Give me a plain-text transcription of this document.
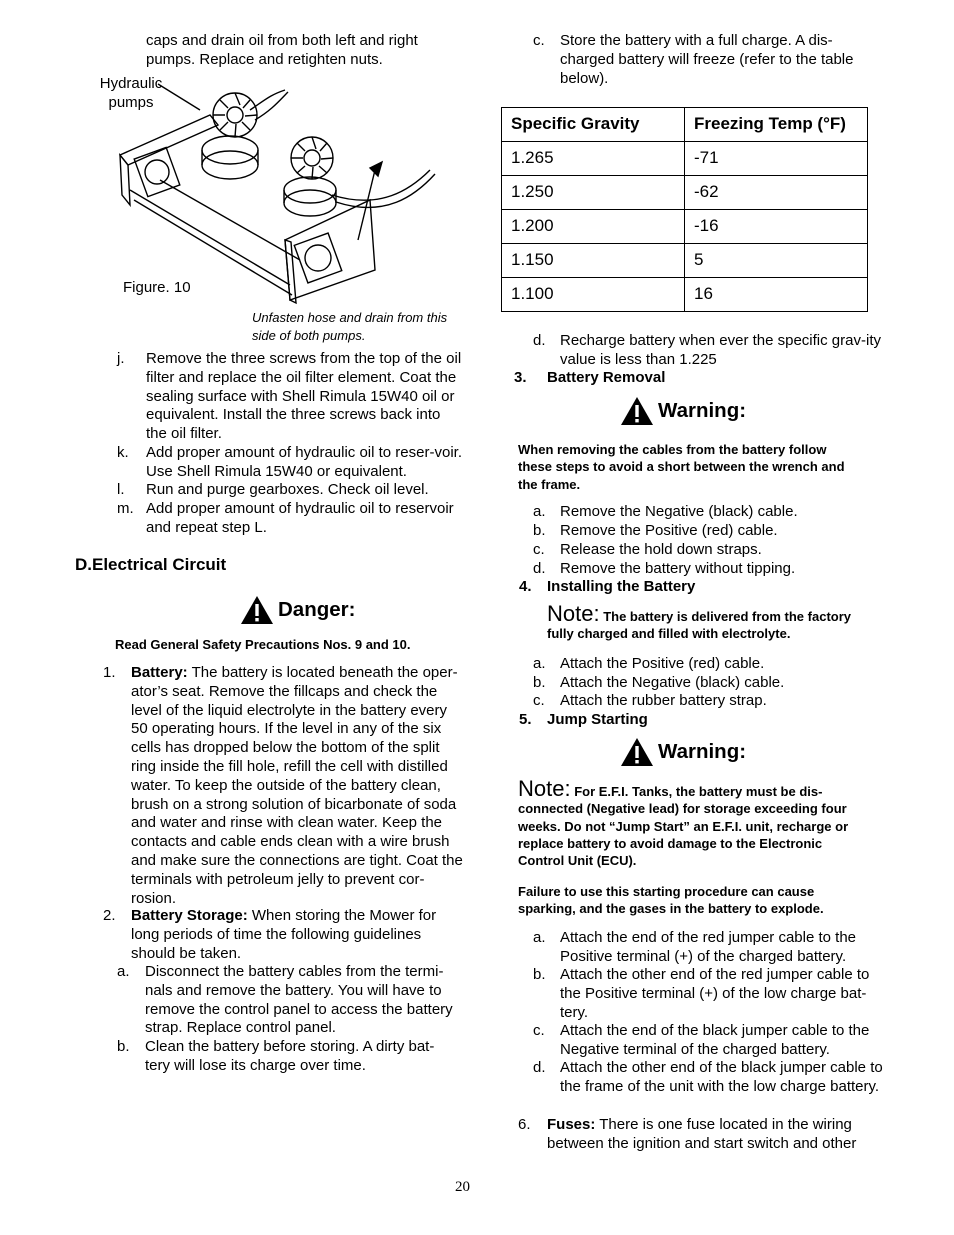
caps and drain oil from both left and right pumps. Replace and retighten nuts.

Hydraulic
pumps

Figure. 10

Unfasten hose and drain from this side of both pumps.

j. Remove the three screws from the top of the oil filter and replace the oil filter element. Coat the sealing surface with Shell Rimula 15W40 oil or equivalent. Install the three screws back into the oil filter.
k. Add proper amount of hydraulic oil to reser-voir. Use Shell Rimula 15W40 or equivalent.
l. Run and purge gearboxes. Check oil level.
m. Add proper amount of hydraulic oil to reservoir and repeat step L.

D.Electrical Circuit

Danger:

Read General Safety Precautions Nos. 9 and 10.

1. Battery: The battery is located beneath the oper-ator’s seat. Remove the fillcaps and check the level of the liquid electrolyte in the battery every 50 operating hours. If the level in any of the six cells has dropped below the bottom of the split ring inside the fill hole, refill the cell with distilled water. To keep the outside of the battery clean, brush on a strong solution of bicarbonate of soda and water and rinse with clean water. Keep the contacts and cable ends clean with a wire brush and make sure the connections are tight. Coat the terminals with petroleum jelly to prevent cor-rosion.
2. Battery Storage: When storing the Mower for long periods of time the following guidelines should be taken.
a. Disconnect the battery cables from the termi-nals and remove the battery. You will have to remove the control panel to access the battery strap. Replace control panel.
b. Clean the battery before storing. A dirty bat-tery will lose its charge over time.
c. Store the battery with a full charge. A dis-charged battery will freeze (refer to the table below).
Specific Gravity	Freezing Temp (°F)
1.265	-71
1.250	-62
1.200	-16
1.150	5
1.100	16
d. Recharge battery when ever the specific grav-ity value is less than 1.225
3. Battery Removal
Warning:

When removing the cables from the battery follow these steps to avoid a short between the wrench and the frame.

a. Remove the Negative (black) cable.
b. Remove the Positive (red) cable.
c. Release the hold down straps.
d. Remove the battery without tipping.
4. Installing the Battery

Note: The battery is delivered from the factory fully charged and filled with electrolyte.

a. Attach the Positive (red) cable.
b. Attach the Negative (black) cable.
c. Attach the rubber battery strap.
5. Jump Starting
Warning:

Note: For E.F.I. Tanks, the battery must be dis-connected (Negative lead) for storage exceeding four weeks. Do not “Jump Start” an E.F.I. unit, recharge or replace battery to avoid damage to the Electronic Control Unit (ECU).

Failure to use this starting procedure can cause sparking, and the gases in the battery to explode.

a. Attach the end of the red jumper cable to the Positive terminal (+) of the charged battery.
b. Attach the other end of the red jumper cable to the Positive terminal (+) of the low charge bat-tery.
c. Attach the end of the black jumper cable to the Negative terminal of the charged battery.
d. Attach the other end of the black jumper cable to the frame of the unit with the low charge battery.
6. Fuses: There is one fuse located in the wiring between the ignition and start switch and other

20
